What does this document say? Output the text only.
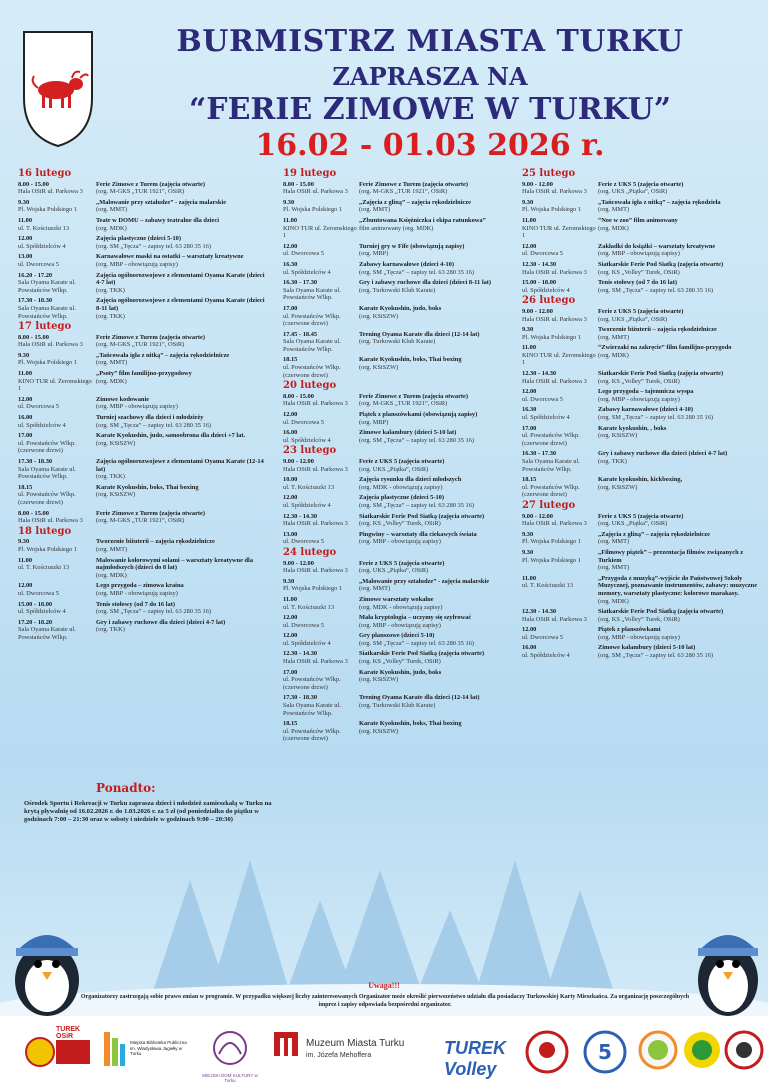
BURMISTRZ MIASTA TURKU
ZAPRASZA NA
“FERIE ZIMOWE W TURKU”
16.02 - 01.03 2026 r.
16 lutego
8.00 - 15.00
Hala OSiR ul. Parkowa 3
Ferie Zimowe z Turem (zajęcia otwarte)
(org. M-GKS „TUR 1921”, OSiR)
9.30
Pl. Wojska Polskiego 1
„Malowanie przy sztaludze” - zajęcia malarskie
(org. MMT)
11.00
ul. T. Kościuszki 13
Teatr w DOMU – zabawy teatralne dla dzieci
(org. MDK)
12.00
ul. Spółdzielców 4
Zajęcia plastyczne (dzieci 5-10)
(org. SM „Tęcza” – zapisy tel. 63 280 35 16)
13.00
ul. Dworcowa 5
Karnawałowe maski na ostatki – warsztaty kreatywne
(org. MBP - obowiązują zapisy)
16.20 - 17.20
Sala Oyama Karate ul. Powstańców Wlkp.
Zajęcia ogólnorozwojowe z elementami Oyama Karate (dzieci 4-7 lat)
(org. TKK)
17.30 - 18.30
Sala Oyama Karate ul. Powstańców Wlkp.
Zajęcia ogólnorozwojowe z elementami Oyama Karate (dzieci 8-11 lat)
(org. TKK)
17 lutego
8.00 - 15.00
Hala OSiR ul. Parkowa 3
Ferie Zimowe z Turem (zajęcia otwarte)
(org. M-GKS „TUR 1921”, OSiR)
9.30
Pl. Wojska Polskiego 1
„Tańcowała igła z nitką” – zajęcia rękodzielnicze
(org. MMT)
11.00
KINO TUR ul. Żeromskiego 1
„Psoty” film familijno-przygodowy
(org. MDK)
12.00
ul. Dworcowa 5
Zimowe kodowanie
(org. MBP - obowiązują zapisy)
16.00
ul. Spółdzielców 4
Turniej szachowy dla dzieci i młodzieży
(org. SM „Tęcza” – zapisy tel. 63 280 35 16)
17.00
ul. Powstańców Wlkp. (czerwone drzwi)
Karate Kyokushin, judo, samoobrona dla dzieci +7 lat.
(org. KSiSZW)
17.30 - 18.30
Sala Oyama Karate ul. Powstańców Wlkp.
Zajęcia ogólnorozwojowe z elementami Oyama Karate (12-14 lat)
(org. TKK)
18.15
ul. Powstańców Wlkp. (czerwone drzwi)
Karate Kyokushin, boks, Thai boxing
(org. KSiSZW)
8.00 - 15.00
Hala OSiR ul. Parkowa 3
Ferie Zimowe z Turem (zajęcia otwarte)
(org. M-GKS „TUR 1921”, OSiR)
18 lutego
9.30
Pl. Wojska Polskiego 1
Tworzenie biżuterii – zajęcia rękodzielnicze
(org. MMT)
11.00
ul. T. Kościuszki 13
Malowanie kolorowymi solami – warsztaty kreatywne dla najmłodszych (dzieci do 8 lat)
(org. MDK)
12.00
ul. Dworcowa 5
Lego przygoda – zimowa kraina
(org. MBP - obowiązują zapisy)
15.00 - 18.00
ul. Spółdzielców 4
Tenis stołowy (od 7 do 16 lat)
(org. SM „Tęcza” – zapisy tel. 63 280 35 16)
17.20 - 18.20
Sala Oyama Karate ul. Powstańców Wlkp.
Gry i zabawy ruchowe dla dzieci (dzieci 4-7 lat)
(org. TKK)
19 lutego
8.00 - 15.00
Hala OSiR ul. Parkowa 3
Ferie Zimowe z Turem (zajęcia otwarte)
(org. M-GKS „TUR 1921”, OSiR)
9.30
Pl. Wojska Polskiego 1
„Zajęcia z gliną” – zajęcia rękodzielnicze
(org. MMT)
11.00
KINO TUR ul. Żeromskiego 1
„Zbuntowana Księżniczka i ekipa ratunkowa”
film animowany (org. MDK)
12.00
ul. Dworcowa 5
Turniej gry w Fife (obowiązują zapisy)
(org. MBP)
16.30
ul. Spółdzielców 4
Zabawy karnawałowe (dzieci 4-10)
(org. SM „Tęcza” – zapisy tel. 63 280 35 16)
16.30 - 17.30
Sala Oyama Karate ul. Powstańców Wlkp.
Gry i zabawy ruchowe dla dzieci (dzieci 8-11 lat)
(org. Turkowski Klub Karate)
17.00
ul. Powstańców Wlkp. (czerwone drzwi)
Karate Kyokushin, judo, boks
(org. KSiSZW)
17.45 - 18.45
Sala Oyama Karate ul. Powstańców Wlkp.
Trening Oyama Karate dla dzieci (12-14 lat)
(org. Turkowski Klub Karate)
18.15
ul. Powstańców Wlkp. (czerwone drzwi)
Karate Kyokushin, boks, Thai boxing
(org. KSiSZW)
20 lutego
8.00 - 15.00
Hala OSiR ul. Parkowa 3
Ferie Zimowe z Turem (zajęcia otwarte)
(org. M-GKS „TUR 1921”, OSiR)
12.00
ul. Dworcowa 5
Piątek z planszówkami (obowiązują zapisy)
(org. MBP)
16.00
ul. Spółdzielców 4
Zimowe kalambury (dzieci 5-10 lat)
(org. SM „Tęcza” – zapisy tel. 63 280 35 16)
23 lutego
9.00 - 12.00
Hala OSiR ul. Parkowa 3
Ferie z UKS 5 (zajęcia otwarte)
(org. UKS „Piątka”, OSiR)
10.00
ul. T. Kościuszki 13
Zajęcia rysunku dla dzieci młodszych
(org. MDK - obowiązują zapisy)
12.00
ul. Spółdzielców 4
Zajęcia plastyczne (dzieci 5-10)
(org. SM „Tęcza” – zapisy tel. 63 280 35 16)
12.30 - 14.30
Hala OSiR ul. Parkowa 3
Siatkarskie Ferie Pod Siatką (zajęcia otwarte)
(org. KS „Volley” Turek, OSiR)
13.00
ul. Dworcowa 5
Pingwiny – warsztaty dla ciekawych świata
(org. MBP - obowiązują zapisy)
24 lutego
9.00 - 12.00
Hala OSiR ul. Parkowa 3
Ferie z UKS 5 (zajęcia otwarte)
(org. UKS „Piątka”, OSiR)
9.30
Pl. Wojska Polskiego 1
„Malowanie przy sztaludze” - zajęcia malarskie
(org. MMT)
11.00
ul. T. Kościuszki 13
Zimowe warsztaty wokalne
(org. MDK - obowiązują zapisy)
12.00
ul. Dworcowa 5
Mała kryptologia – uczymy się szyfrować
(org. MBP - obowiązują zapisy)
12.00
ul. Spółdzielców 4
Gry planszowe (dzieci 5-10)
(org. SM „Tęcza” – zapisy tel. 63 280 35 16)
12.30 - 14.30
Hala OSiR ul. Parkowa 3
Siatkarskie Ferie Pod Siatką (zajęcia otwarte)
(org. KS „Volley” Turek, OSiR)
17.00
ul. Powstańców Wlkp. (czerwone drzwi)
Karate Kyokushin, judo, boks
(org. KSiSZW)
17.30 - 18.30
Sala Oyama Karate ul. Powstańców Wlkp.
Trening Oyama Karate dla dzieci (12-14 lat)
(org. Turkowski Klub Karate)
18.15
ul. Powstańców Wlkp. (czerwone drzwi)
Karate Kyokushin, boks, Thai boxing
(org. KSiSZW)
25 lutego
9.00 - 12.00
Hala OSiR ul. Parkowa 3
Ferie z UKS 5 (zajęcia otwarte)
(org. UKS „Piątka”, OSiR)
9.30
Pl. Wojska Polskiego 1
„Tańcowała igła z nitką” – zajęcia rękodzieła
(org. MMT)
11.00
KINO TUR ul. Żeromskiego 1
“Noe w zoo” film animowany
(org. MDK)
12.00
ul. Dworcowa 5
Zakładki do książki – warsztaty kreatywne
(org. MBP - obowiązują zapisy)
12.30 - 14.30
Hala OSiR ul. Parkowa 3
Siatkarskie Ferie Pod Siatką (zajęcia otwarte)
(org. KS „Volley” Turek, OSiR)
15.00 - 18.00
ul. Spółdzielców 4
Tenis stołowy (od 7 do 16 lat)
(org. SM „Tęcza” – zapisy tel. 63 280 35 16)
26 lutego
9.00 - 12.00
Hala OSiR ul. Parkowa 3
Ferie z UKS 5 (zajęcia otwarte)
(org. UKS „Piątka”, OSiR)
9.30
Pl. Wojska Polskiego 1
Tworzenie biżuterii – zajęcia rękodzielnicze
(org. MMT)
11.00
KINO TUR ul. Żeromskiego 1
“Zwierzaki na zakręcie” film familijno-przygodo
(org. MDK)
12.30 - 14.30
Hala OSiR ul. Parkowa 3
Siatkarskie Ferie Pod Siatką (zajęcia otwarte)
(org. KS „Volley” Turek, OSiR)
12.00
ul. Dworcowa 5
Lego przygoda – tajemnicza wyspa
(org. MBP - obowiązują zapisy)
16.30
ul. Spółdzielców 4
Zabawy karnawałowe (dzieci 4-10)
(org. SM „Tęcza” – zapisy tel. 63 280 35 16)
17.00
ul. Powstańców Wlkp. (czerwone drzwi)
Karate kyokushin, , boks
(org. KSiSZW)
16.30 - 17.30
Sala Oyama Karate ul. Powstańców Wlkp.
Gry i zabawy ruchowe dla dzieci (dzieci 4-7 lat)
(org. TKK)
18.15
ul. Powstańców Wlkp. (czerwone drzwi)
Karate kyokushin, kickboxing,
(org. KSiSZW)
27 lutego
9.00 - 12.00
Hala OSiR ul. Parkowa 3
Ferie z UKS 5 (zajęcia otwarte)
(org. UKS „Piątka”, OSiR)
9.30
Pl. Wojska Polskiego 1
„Zajęcia z gliną” – zajęcia rękodzielnicze
(org. MMT)
9.30
Pl. Wojska Polskiego 1
„Filmowy piątek” – prezentacja filmów związanych z Turkiem
(org. MMT)
11.00
ul. T. Kościuszki 13
„Przygoda z muzyką”-wyjście do Państwowej Szkoły Muzycznej, poznawanie instrumentów, zabawy: muzyczne memory, warsztaty plastyczne: kolorowe marakasy.
(org. MDK)
12.30 - 14.30
Hala OSiR ul. Parkowa 3
Siatkarskie Ferie Pod Siatką (zajęcia otwarte)
(org. KS „Volley” Turek, OSiR)
12.00
ul. Dworcowa 5
Piątek z planszówkami
(org. MBP - obowiązują zapisy)
16.00
ul. Spółdzielców 4
Zimowe kalambury (dzieci 5-10 lat)
(org. SM „Tęcza” – zapisy tel. 63 280 35 16)
Ponadto:
Ośrodek Sportu i Rekreacji w Turku zaprasza dzieci i młodzież zamieszkałą w Turku na krytą pływalnię od 16.02.2026 r. do 1.03.2026 r. za 5 zł (od poniedziałku do piątku w godzinach 7:00 – 21:30 oraz w soboty i niedziele w godzinach 9:00 – 20:30)
Uwaga!!!
Organizatorzy zastrzegają sobie prawo zmian w programie. W przypadku większej liczby zainteresowanych Organizator może określić pierwszeństwo udziału dla posiadaczy Turkowskiej Karty Mieszkańca. Za organizację poszczególnych imprez i zapisy odpowiada bezpośredni organizator.
TUREK OSiR
Miejska Biblioteka Publiczna im. Władysława Jagiełły w Turku
MIEJSKI DOM KULTURY w Turku
Muzeum Miasta Turku
im. Józefa Mehoffera	TUREK Volley
5
